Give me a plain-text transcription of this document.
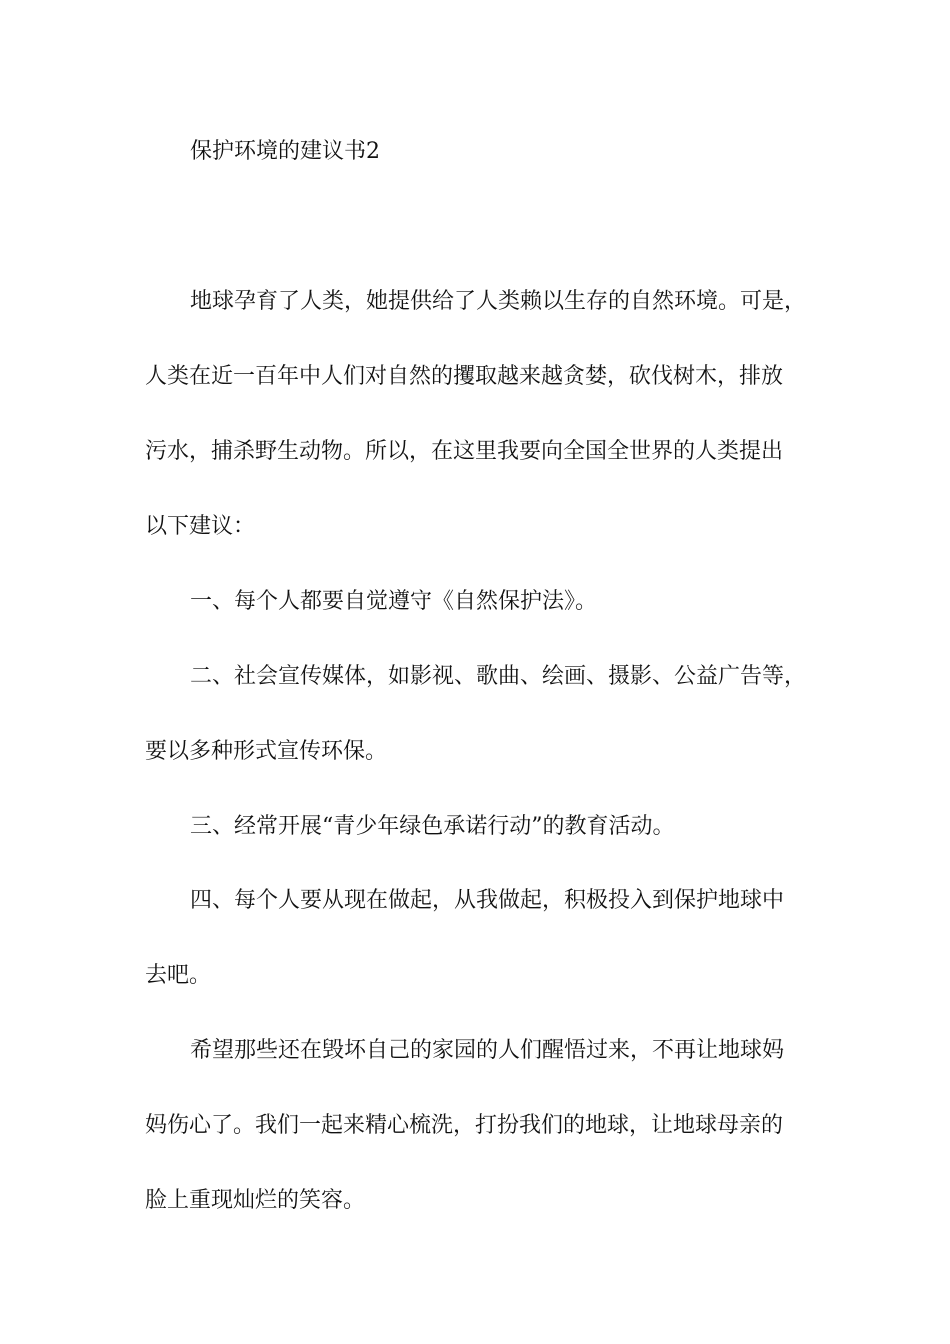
保护环境的建议书2

地球孕育了人类，她提供给了人类赖以生存的自然环境。可是，

人类在近一百年中人们对自然的攫取越来越贪婪，砍伐树木，排放

污水，捕杀野生动物。所以，在这里我要向全国全世界的人类提出

以下建议：

一、每个人都要自觉遵守《自然保护法》。

二、社会宣传媒体，如影视、歌曲、绘画、摄影、公益广告等，

要以多种形式宣传环保。

三、经常开展“青少年绿色承诺行动”的教育活动。

四、每个人要从现在做起，从我做起，积极投入到保护地球中

去吧。

希望那些还在毁坏自己的家园的人们醒悟过来，不再让地球妈

妈伤心了。我们一起来精心梳洗，打扮我们的地球，让地球母亲的

脸上重现灿烂的笑容。
